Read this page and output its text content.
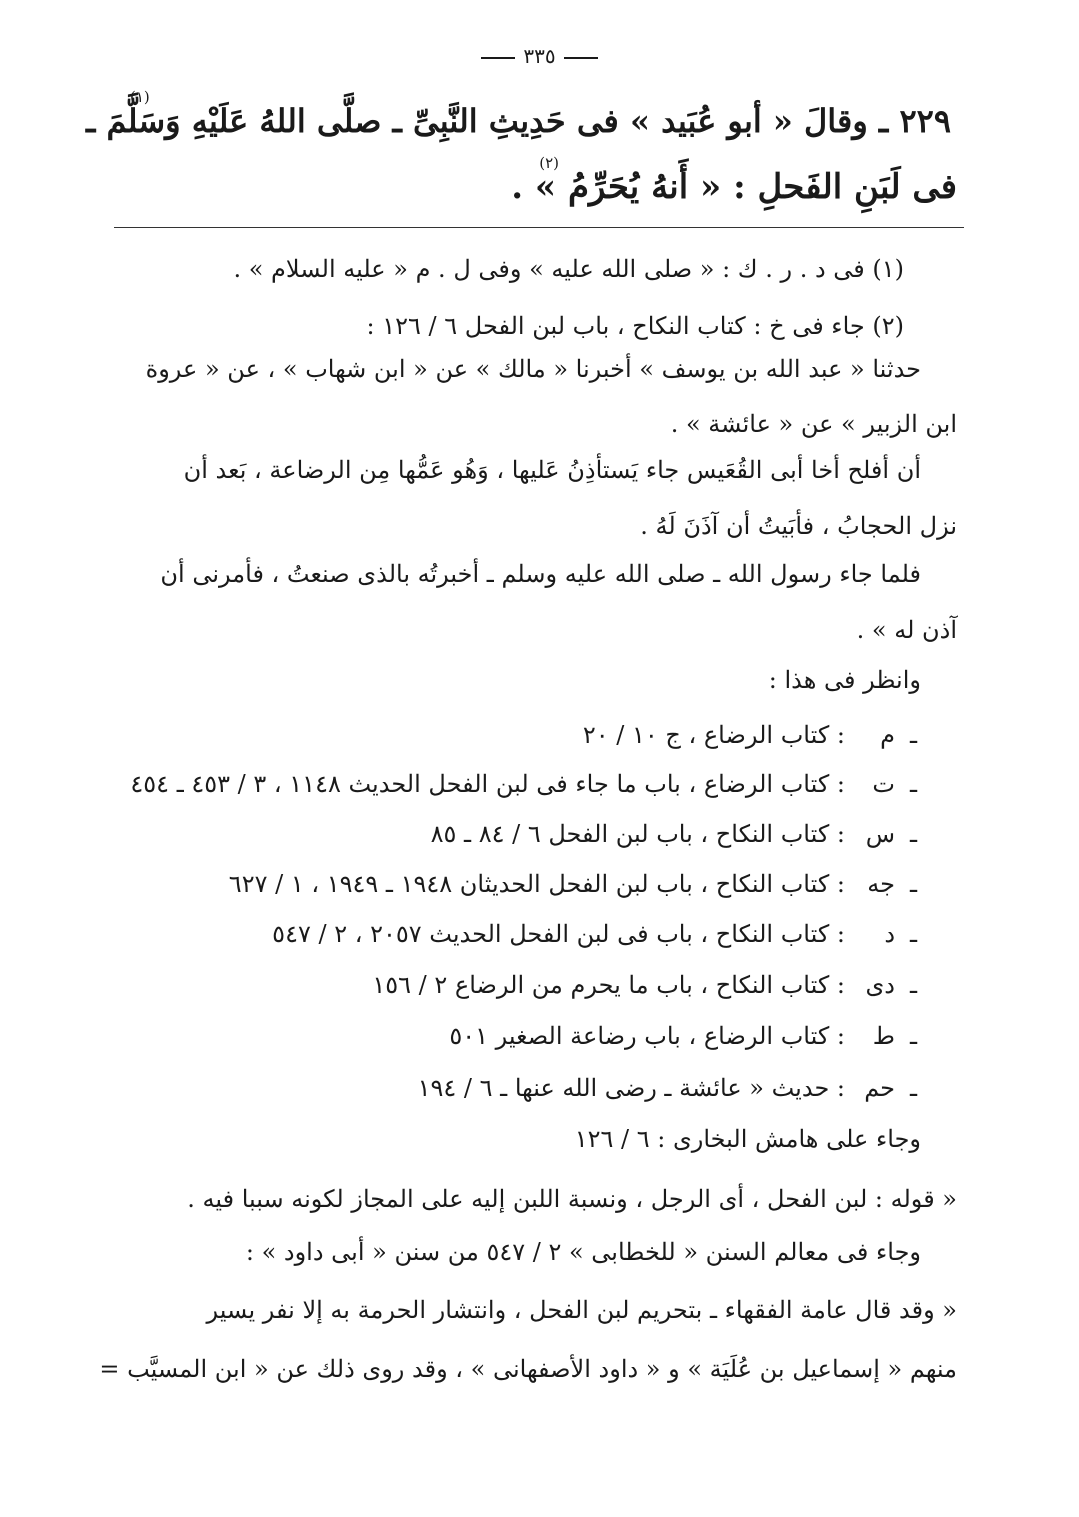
٣٣٥
٢٢٩ ـ وقالَ « أبو عُبَيد » فى حَدِيثِ النَّبِىِّ ـ صلَّى اللهُ عَلَيْهِ وَسَلَّمَ ـ
(١)
فى لَبَنِ الفَحلِ : « أَنهُ يُحَرِّمُ » .
(٢)
(١) فى د . ر . ك : « صلى الله عليه » وفى ل . م « عليه السلام » .
(٢) جاء فى خ : كتاب النكاح ، باب لبن الفحل ٦ / ١٢٦ :
حدثنا « عبد الله بن يوسف » أخبرنا « مالك » عن « ابن شهاب » ، عن « عروة
ابن الزبير » عن « عائشة » .
أن أفلح أخا أبى القُعَيس جاء يَستأذِنُ عَليها ، وَهُو عَمُّها مِن الرضاعة ، بَعد أن
نزل الحجابُ ، فأبَيتُ أن آذَنَ لَهُ .
فلما جاء رسول الله ـ صلى الله عليه وسلم ـ أخبرتُه بالذى صنعتُ ، فأمرنى أن
آذن له » .
وانظر فى هذا :
ـم: كتاب الرضاع ، ج ١٠ / ٢٠
ـت: كتاب الرضاع ، باب ما جاء فى لبن الفحل الحديث ١١٤٨ ، ٣ / ٤٥٣ ـ ٤٥٤
ـس: كتاب النكاح ، باب لبن الفحل ٦ / ٨٤ ـ ٨٥
ـجه: كتاب النكاح ، باب لبن الفحل الحديثان ١٩٤٨ ـ ١٩٤٩ ، ١ / ٦٢٧
ـد: كتاب النكاح ، باب فى لبن الفحل الحديث ٢٠٥٧ ، ٢ / ٥٤٧
ـدى: كتاب النكاح ، باب ما يحرم من الرضاع ٢ / ١٥٦
ـط: كتاب الرضاع ، باب رضاعة الصغير ٥٠١
ـحم: حديث « عائشة ـ رضى الله عنها ـ ٦ / ١٩٤
وجاء على هامش البخارى : ٦ / ١٢٦
« قوله : لبن الفحل ، أى الرجل ، ونسبة اللبن إليه على المجاز لكونه سببا فيه .
وجاء فى معالم السنن « للخطابى » ٢ / ٥٤٧ من سنن « أبى داود » :
« وقد قال عامة الفقهاء ـ بتحريم لبن الفحل ، وانتشار الحرمة به إلا نفر يسير
منهم « إسماعيل بن عُلَيَة » و « داود الأصفهانى » ، وقد روى ذلك عن « ابن المسيَّب =
